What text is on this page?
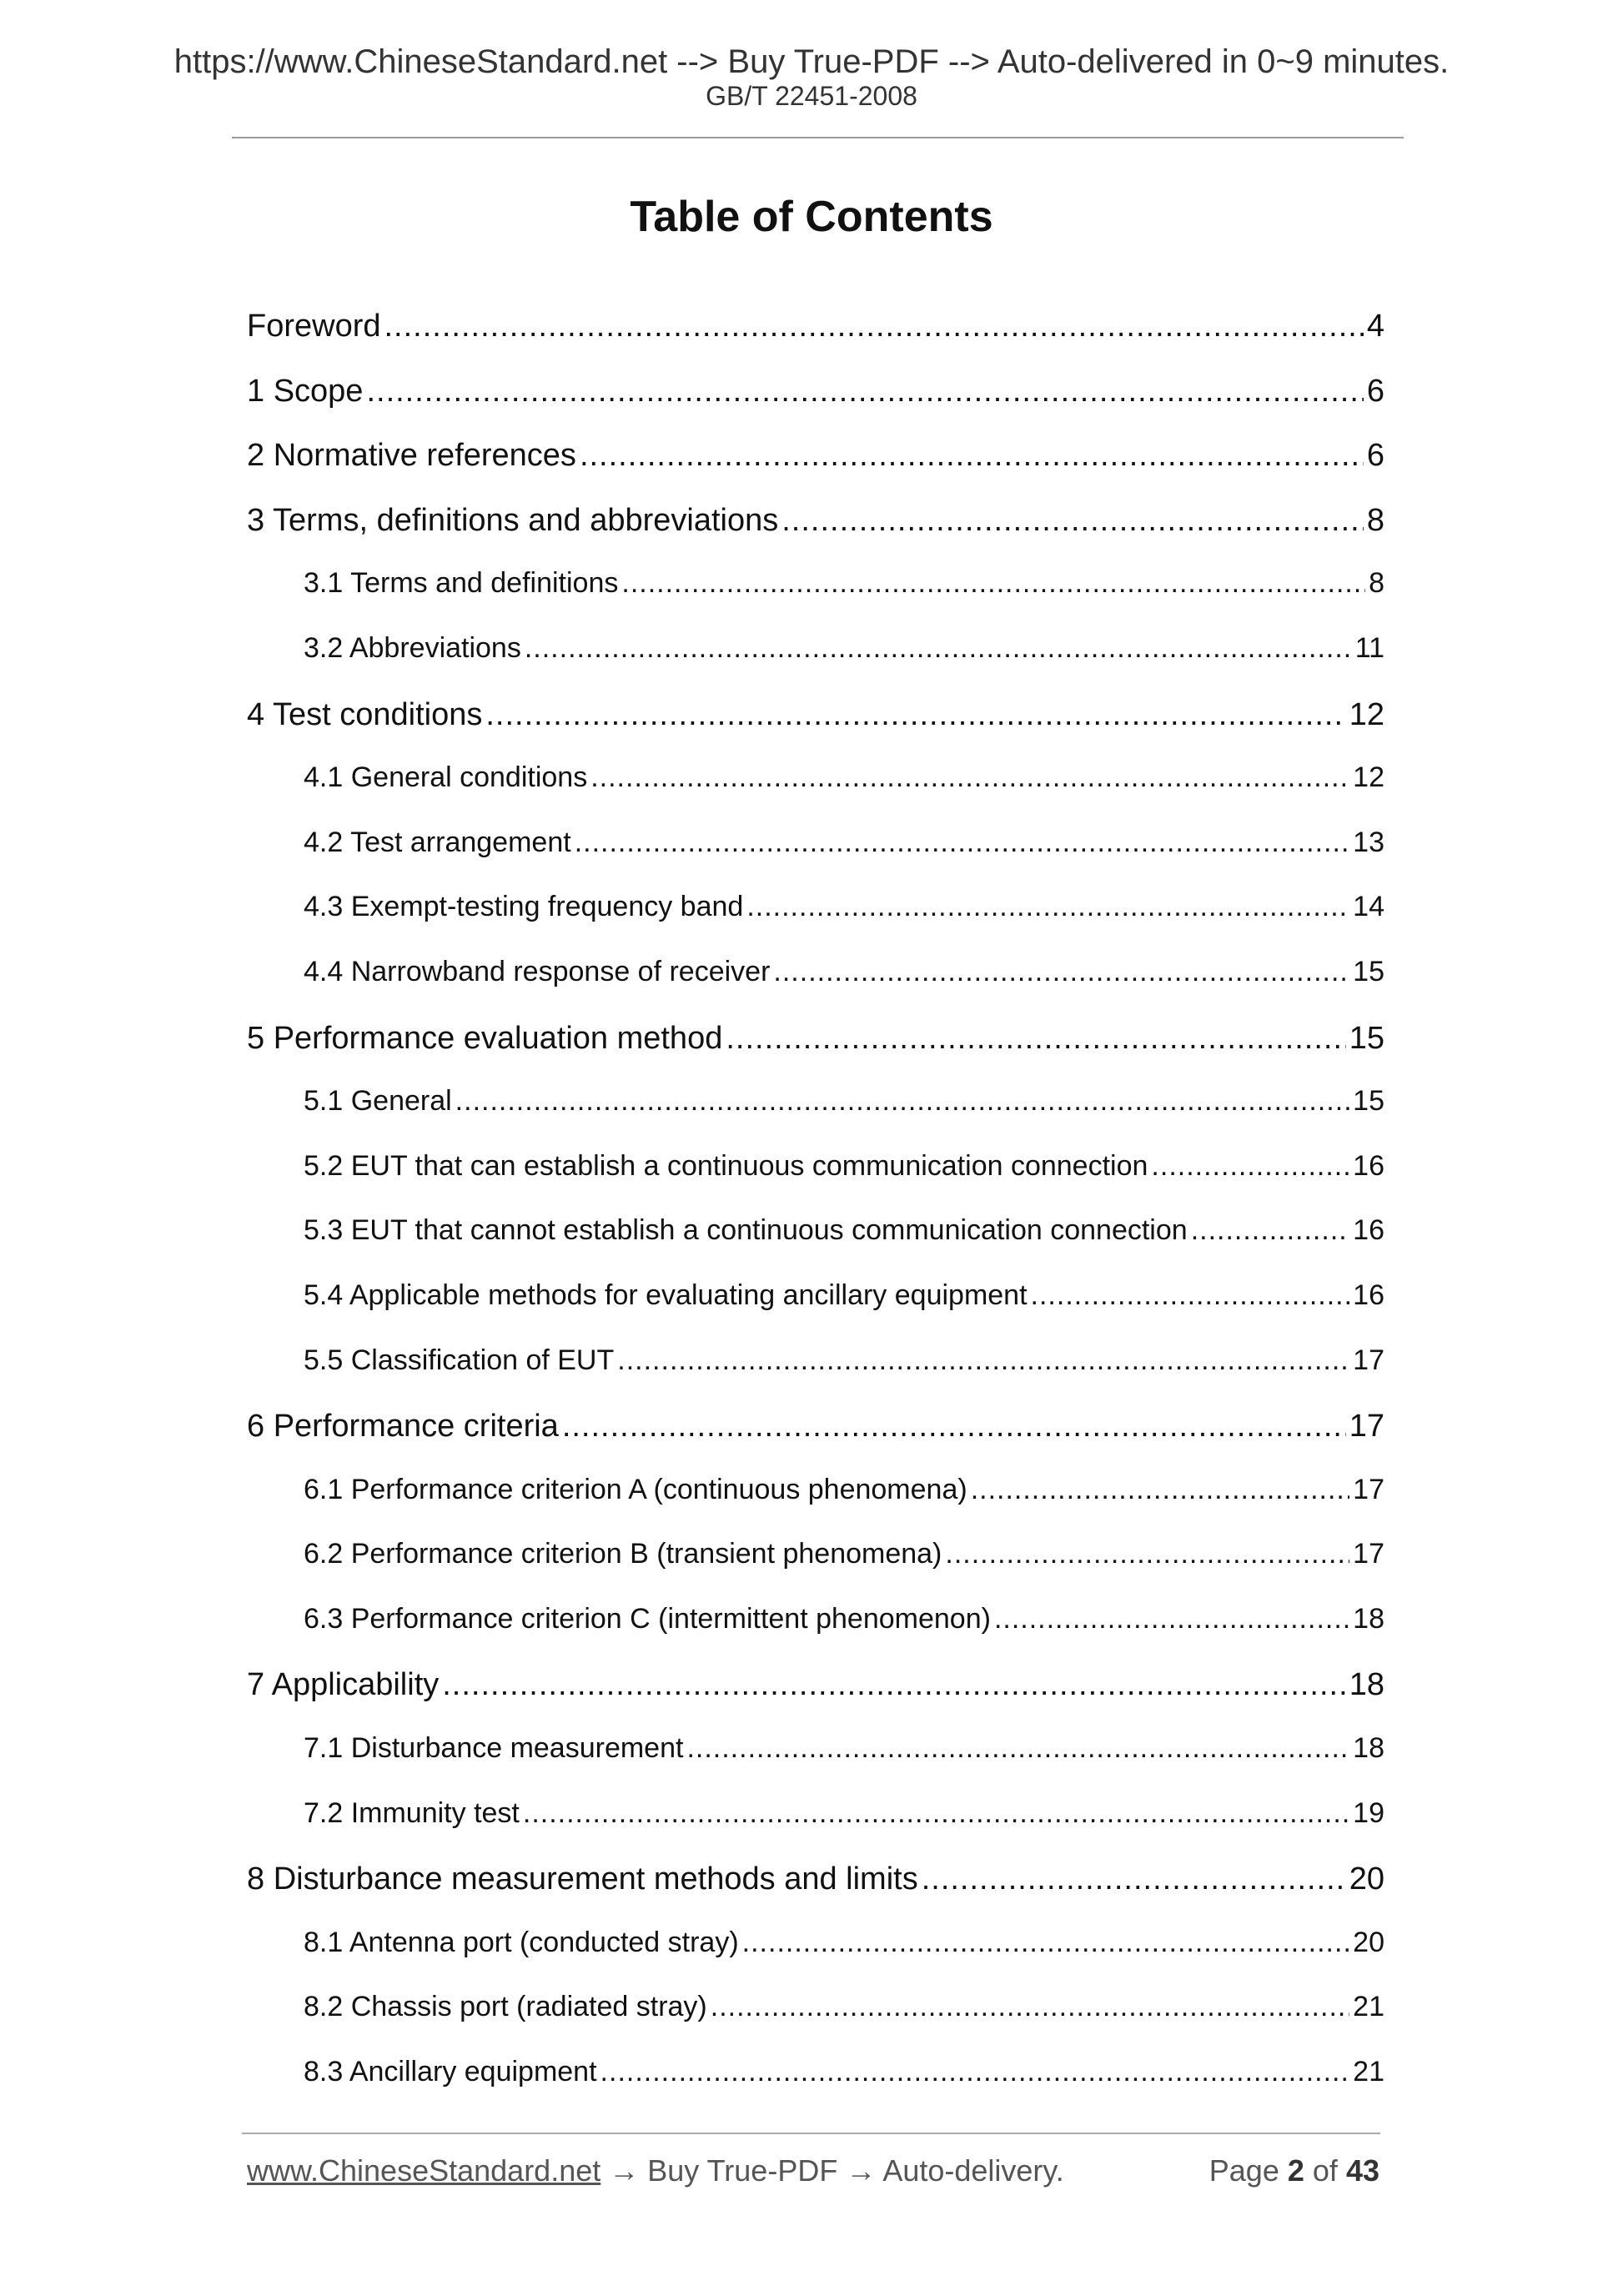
https://www.ChineseStandard.net --> Buy True-PDF --> Auto-delivered in 0~9 minutes.
GB/T 22451-2008
Table of Contents
Foreword .....	4
1 Scope .....	6
2 Normative references .....	6
3 Terms, definitions and abbreviations .....	8
3.1 Terms and definitions .....	8
3.2 Abbreviations .....	11
4 Test conditions .....	12
4.1 General conditions .....	12
4.2 Test arrangement .....	13
4.3 Exempt-testing frequency band .....	14
4.4 Narrowband response of receiver .....	15
5 Performance evaluation method .....	15
5.1 General .....	15
5.2 EUT that can establish a continuous communication connection .....	16
5.3 EUT that cannot establish a continuous communication connection .....	16
5.4 Applicable methods for evaluating ancillary equipment .....	16
5.5 Classification of EUT .....	17
6 Performance criteria .....	17
6.1 Performance criterion A (continuous phenomena) .....	17
6.2 Performance criterion B (transient phenomena) .....	17
6.3 Performance criterion C (intermittent phenomenon) .....	18
7 Applicability .....	18
7.1 Disturbance measurement .....	18
7.2 Immunity test .....	19
8 Disturbance measurement methods and limits .....	20
8.1 Antenna port (conducted stray) .....	20
8.2 Chassis port (radiated stray) .....	21
8.3 Ancillary equipment .....	21
www.ChineseStandard.net → Buy True-PDF → Auto-delivery.	Page 2 of 43
